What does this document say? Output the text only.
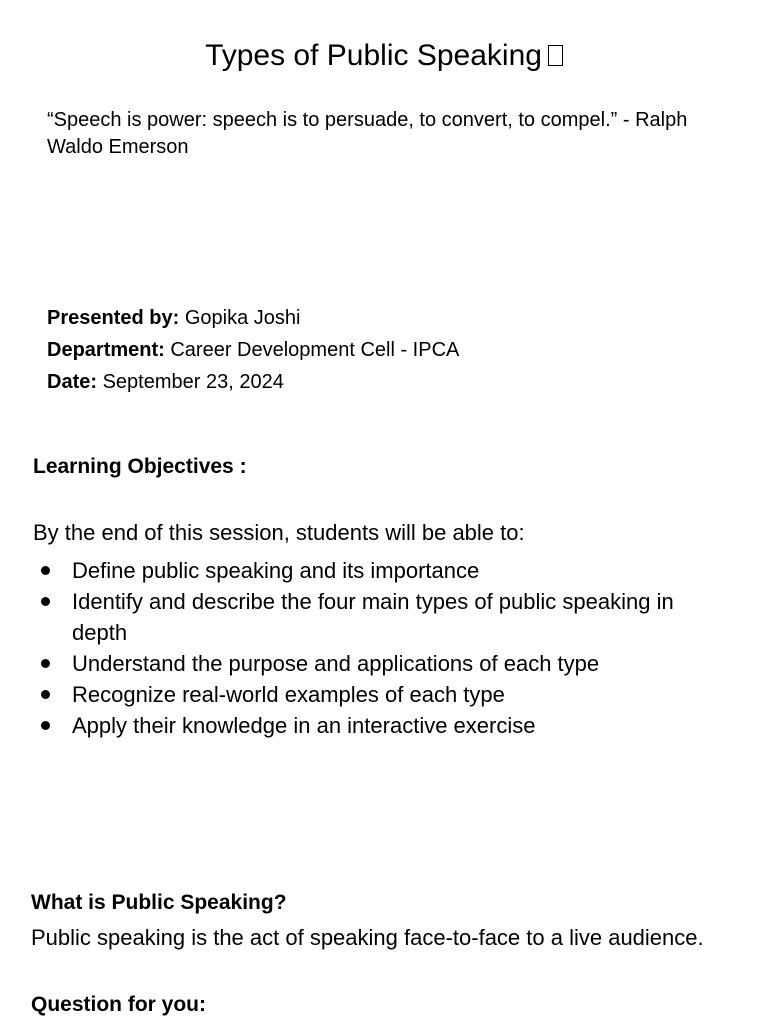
Types of Public Speaking

“Speech is power: speech is to persuade, to convert, to compel.” - Ralph Waldo Emerson

Presented by: Gopika Joshi

Department: Career Development Cell - IPCA

Date: September 23, 2024

Learning Objectives :

By the end of this session, students will be able to:

Define public speaking and its importance
Identify and describe the four main types of public speaking in depth
Understand the purpose and applications of each type
Recognize real-world examples of each type
Apply their knowledge in an interactive exercise
What is Public Speaking?

Public speaking is the act of speaking face-to-face to a live audience.

Question for you:
